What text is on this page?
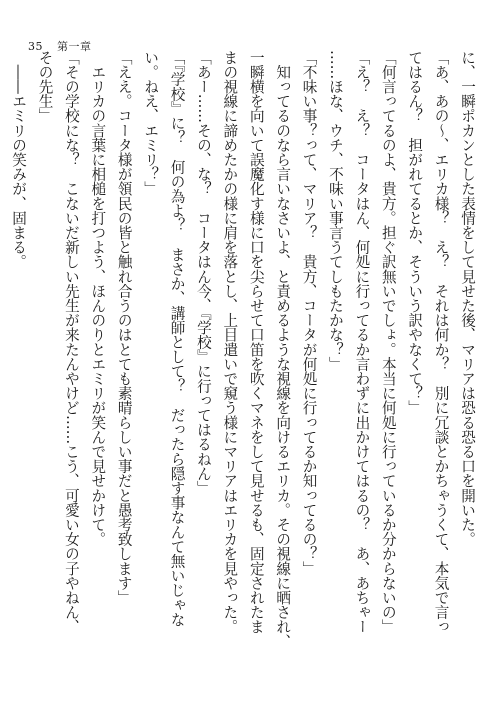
35 第一章
に、一瞬ポカンとした表情をして見せた後、マリアは恐る恐る口を開いた。
「あ、あの～、エリカ様？　え？　それは何か？　別に冗談とかちゃうくて、本気で言っ
てはるん？　担がれてるとか、そういう訳やなくて？」
「何言ってるのよ、貴方。担ぐ訳無いでしょ。本当に何処に行っているか分からないの」
「え？　え？　コータはん、何処に行ってるか言わずに出かけてはるの？　あ、あちゃー
……ほな、ウチ、不味い事言うてしもたかな？」
「不味い事？って、マリア？　貴方、コータが何処に行ってるか知ってるの？」
　知ってるのなら言いなさいよ、と責めるような視線を向けるエリカ。その視線に晒され、
一瞬横を向いて誤魔化す様に口を尖らせて口笛を吹くマネをして見せるも、固定されたま
まの視線に諦めたかの様に肩を落とし、上目遣いで窺う様にマリアはエリカを見やった。
「あー……その、な？　コータはん今、『学校』に行ってはるねん」
「『学校』に？　何の為よ？　まさか、講師として？　だったら隠す事なんて無いじゃな
い。ねえ、エミリ？」
「ええ。コータ様が領民の皆と触れ合うのはとても素晴らしい事だと愚考致します」
　エリカの言葉に相槌を打つよう、ほんのりとエミリが笑んで見せかけて。
「その学校にな？　こないだ新しい先生が来たんやけど……こう、可愛い女の子やねん、
その先生」
　――エミリの笑みが、固まる。
